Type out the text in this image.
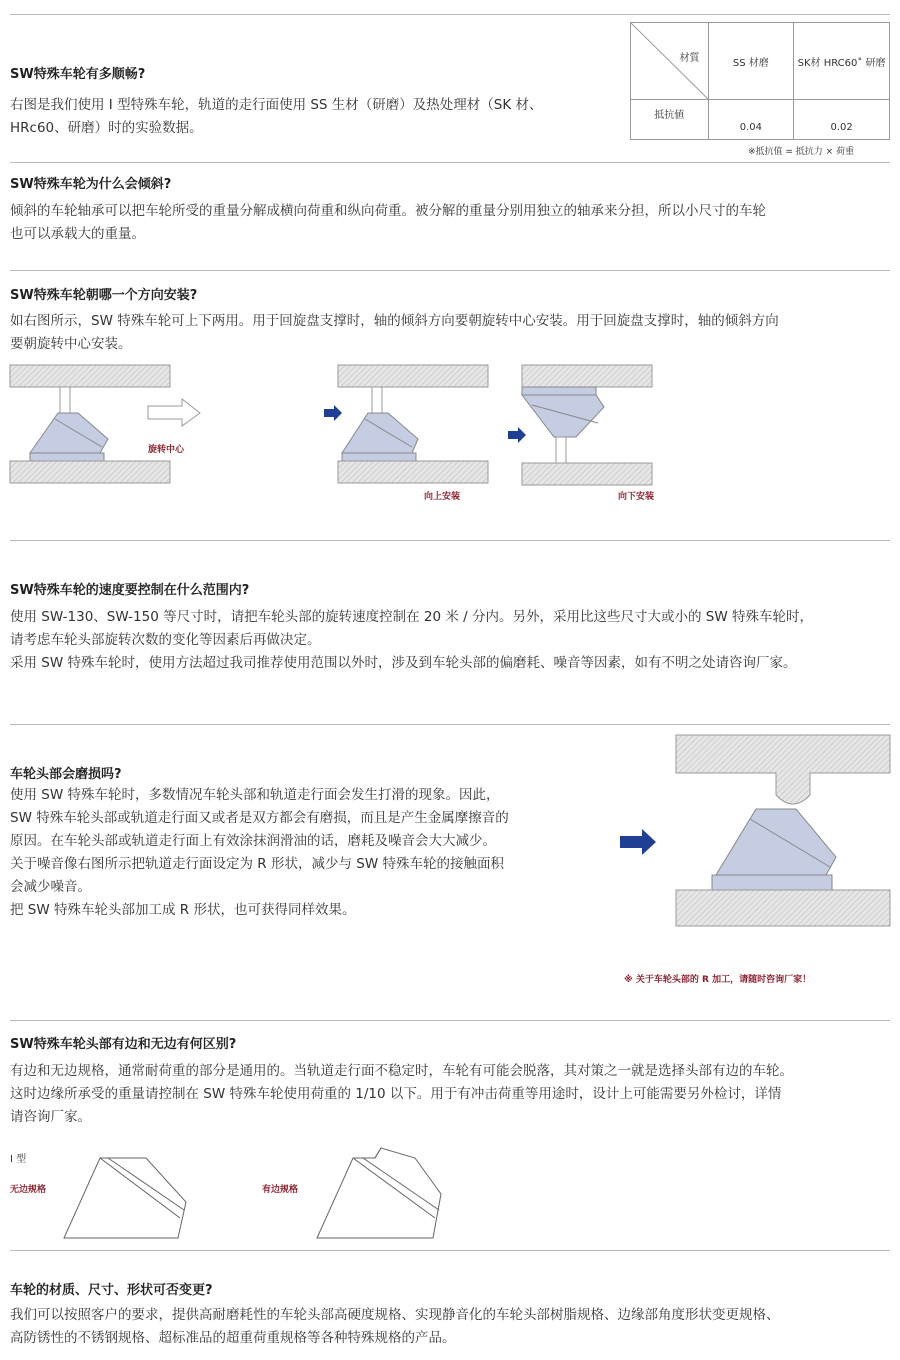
SW特殊车轮有多顺畅?
右图是我们使用 I 型特殊车轮，轨道的走行面使用 SS 生材（研磨）及热处理材（SK 材、
HRc60、研磨）时的实验数据。
材質	SS 材磨	SK材 HRC60˚ 研磨
抵抗値	0.04	0.02
※抵抗值 = 抵抗力 × 荷重
SW特殊车轮为什么会倾斜?
倾斜的车轮轴承可以把车轮所受的重量分解成横向荷重和纵向荷重。被分解的重量分别用独立的轴承来分担，所以小尺寸的车轮
也可以承载大的重量。
SW特殊车轮朝哪一个方向安装?
如右图所示，SW 特殊车轮可上下两用。用于回旋盘支撑时，轴的倾斜方向要朝旋转中心安装。用于回旋盘支撑时，轴的倾斜方向
要朝旋转中心安装。
旋转中心
向上安装	向下安装
SW特殊车轮的速度要控制在什么范围内?
使用 SW-130、SW-150 等尺寸时，请把车轮头部的旋转速度控制在 20 米 / 分内。另外，采用比这些尺寸大或小的 SW 特殊车轮时，
请考虑车轮头部旋转次数的变化等因素后再做决定。
采用 SW 特殊车轮时，使用方法超过我司推荐使用范围以外时，涉及到车轮头部的偏磨耗、噪音等因素，如有不明之处请咨询厂家。
车轮头部会磨损吗?
使用 SW 特殊车轮时，多数情况车轮头部和轨道走行面会发生打滑的现象。因此，
SW 特殊车轮头部或轨道走行面又或者是双方都会有磨损，而且是产生金属摩擦音的
原因。在车轮头部或轨道走行面上有效涂抹润滑油的话，磨耗及噪音会大大减少。
关于噪音像右图所示把轨道走行面设定为 R 形状，减少与 SW 特殊车轮的接触面积
会减少噪音。
把 SW 特殊车轮头部加工成 R 形状，也可获得同样效果。
※ 关于车轮头部的 R 加工，请随时咨询厂家！
SW特殊车轮头部有边和无边有何区别?
有边和无边规格，通常耐荷重的部分是通用的。当轨道走行面不稳定时，车轮有可能会脱落，其对策之一就是选择头部有边的车轮。
这时边缘所承受的重量请控制在 SW 特殊车轮使用荷重的 1/10 以下。用于有冲击荷重等用途时，设计上可能需要另外检讨，详情
请咨询厂家。
I 型
无边规格	有边规格
车轮的材质、尺寸、形状可否变更?
我们可以按照客户的要求，提供高耐磨耗性的车轮头部高硬度规格、实现静音化的车轮头部树脂规格、边缘部角度形状变更规格、
高防锈性的不锈钢规格、超标准品的超重荷重规格等各种特殊规格的产品。
